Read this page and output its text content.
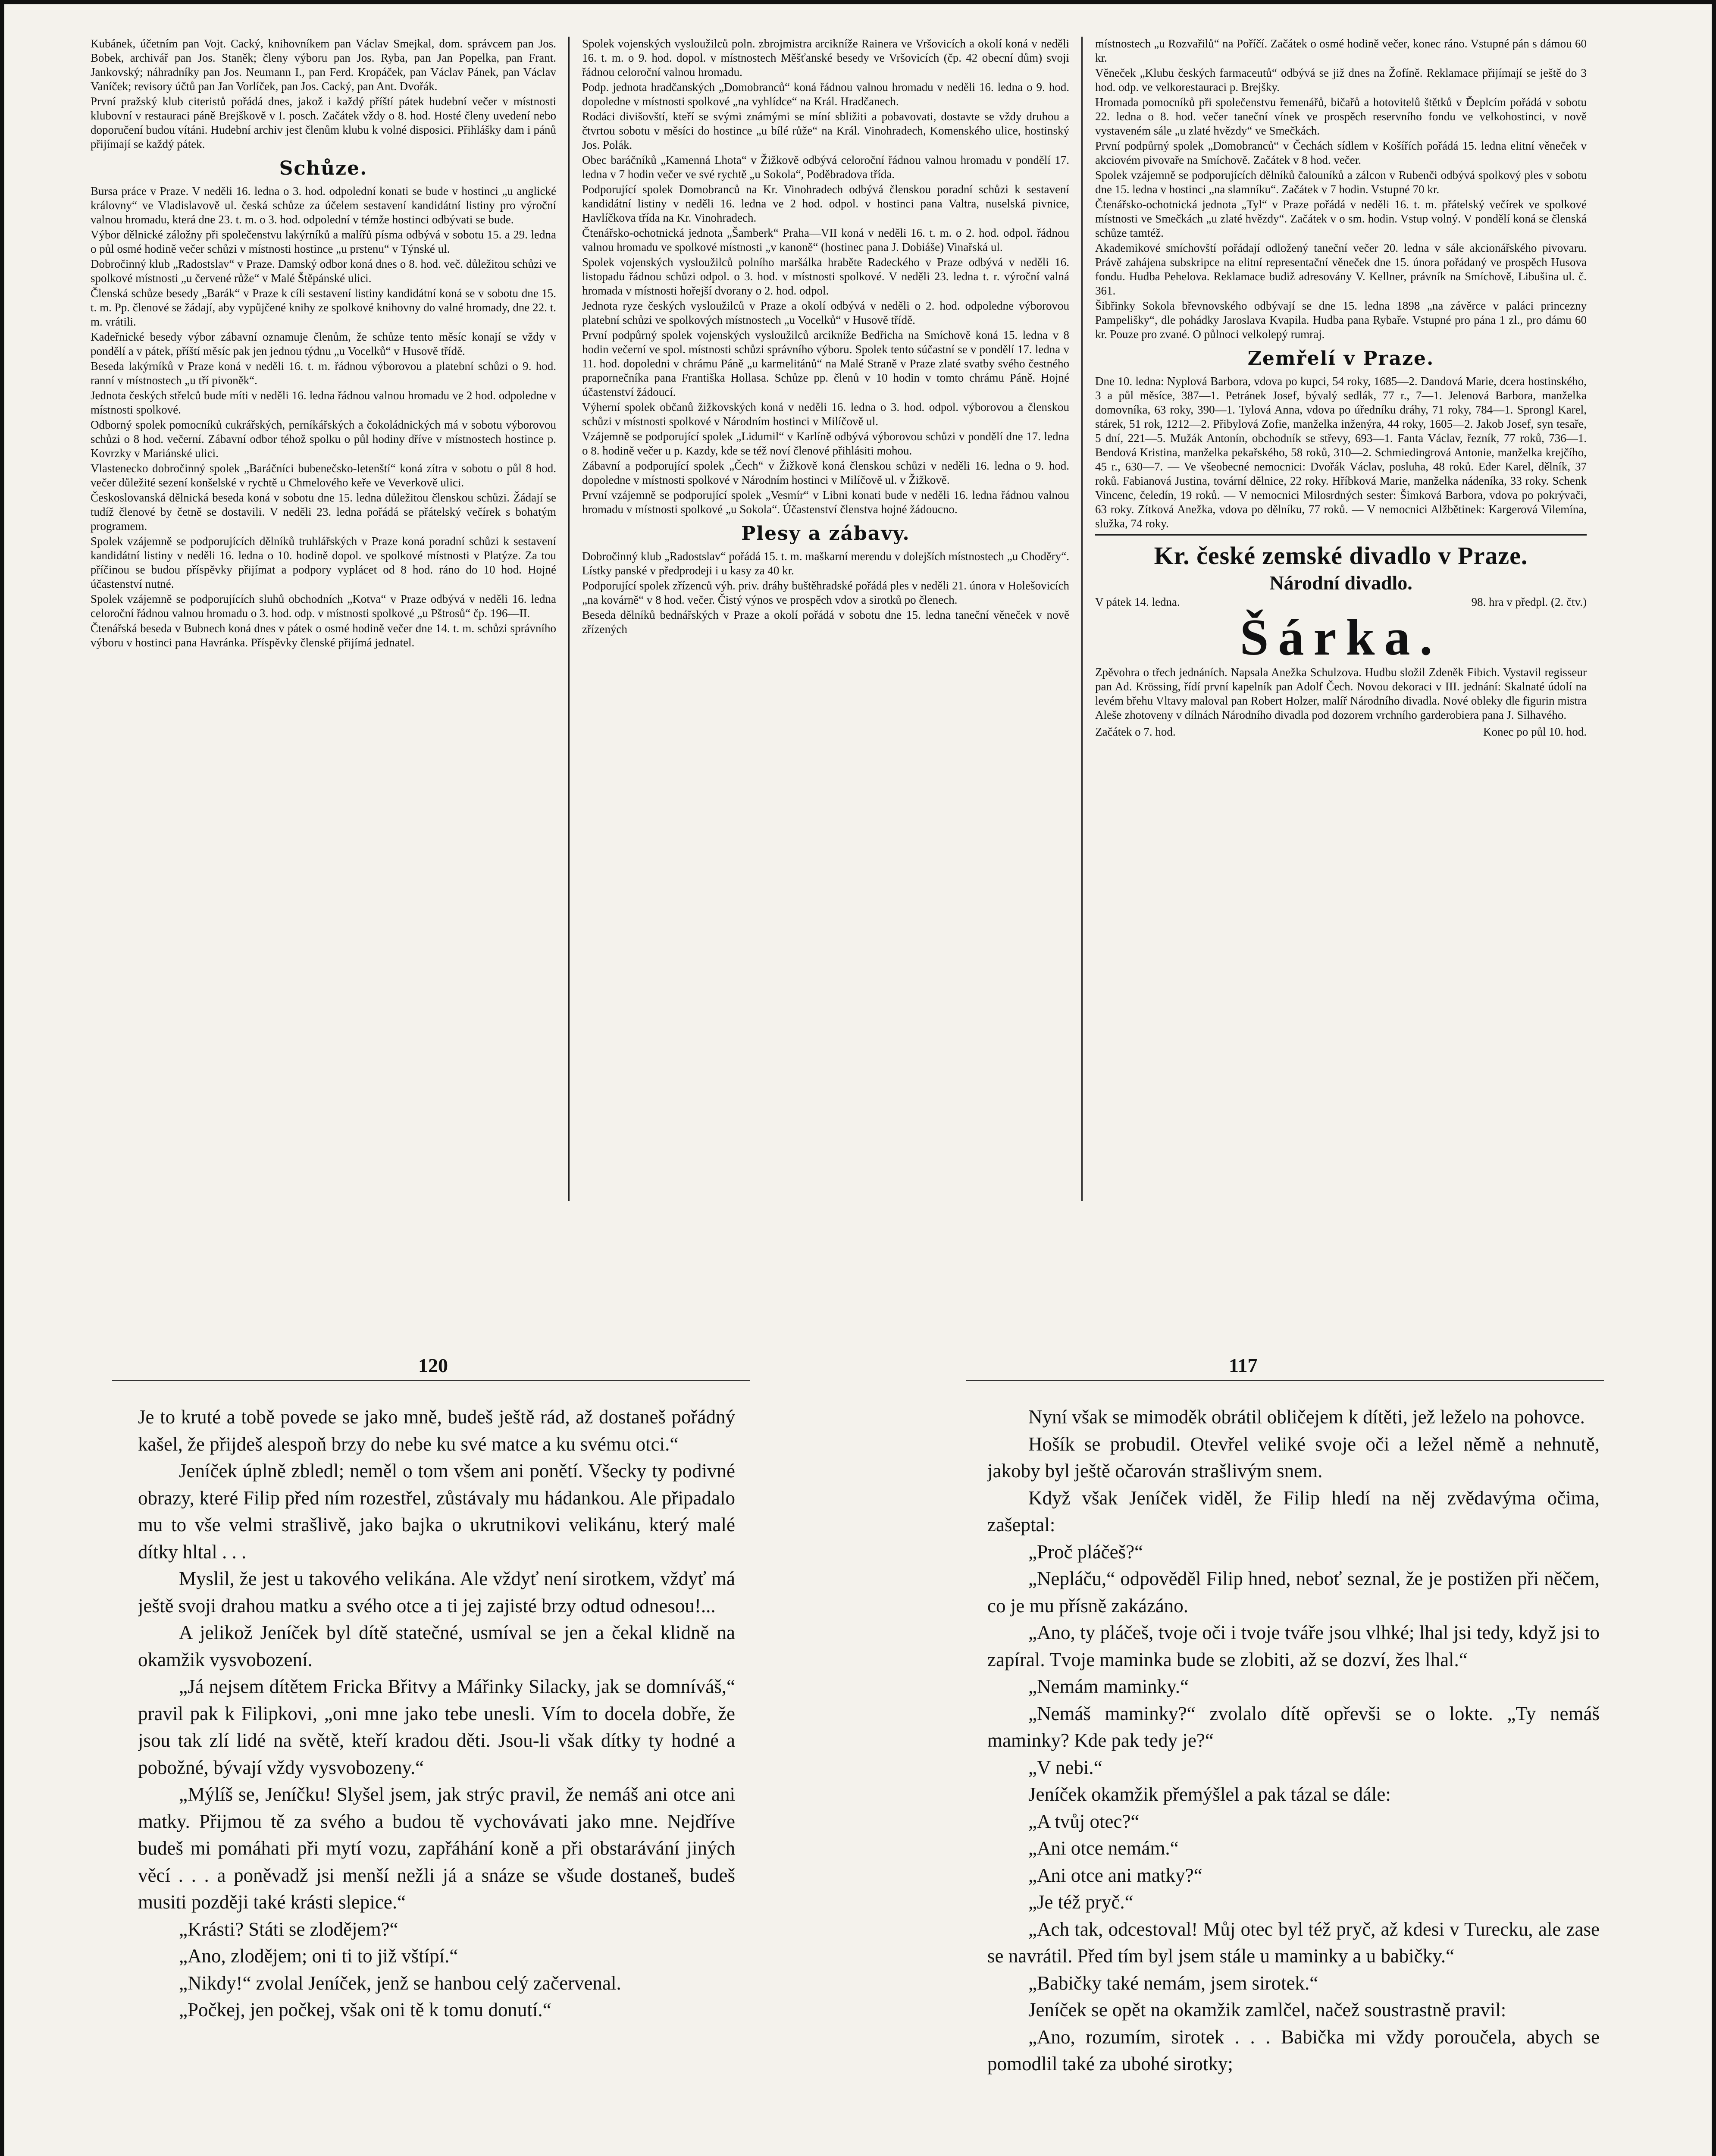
Kubánek, účetním pan Vojt. Cacký, knihovníkem pan Václav Smejkal, dom. správcem pan Jos. Bobek, archivář pan Jos. Staněk; členy výboru pan Jos. Ryba, pan Jan Popelka, pan Frant. Jankovský; náhradníky pan Jos. Neumann I., pan Ferd. Kropáček, pan Václav Pánek, pan Václav Vaníček; revisory účtů pan Jan Vorlíček, pan Jos. Cacký, pan Ant. Dvořák.

První pražský klub citeristů pořádá dnes, jakož i každý příští pátek hudební večer v místnosti klubovní v restauraci páně Brejškově v I. posch. Začátek vždy o 8. hod. Hosté členy uvedení nebo doporučení budou vítáni. Hudební archiv jest členům klubu k volné disposici. Přihlášky dam i pánů přijímají se každý pátek.

Schůze.

Bursa práce v Praze. V neděli 16. ledna o 3. hod. odpolední konati se bude v hostinci „u anglické královny“ ve Vladislavově ul. česká schůze za účelem sestavení kandidátní listiny pro výroční valnou hromadu, která dne 23. t. m. o 3. hod. odpolední v témže hostinci odbývati se bude.

Výbor dělnické záložny při společenstvu lakýrníků a malířů písma odbývá v sobotu 15. a 29. ledna o půl osmé hodině večer schůzi v místnosti hostince „u prstenu“ v Týnské ul.

Dobročinný klub „Radostslav“ v Praze. Damský odbor koná dnes o 8. hod. več. důležitou schůzi ve spolkové místnosti „u červené růže“ v Malé Štěpánské ulici.

Členská schůze besedy „Barák“ v Praze k cíli sestavení listiny kandidátní koná se v sobotu dne 15. t. m. Pp. členové se žádají, aby vypůjčené knihy ze spolkové knihovny do valné hromady, dne 22. t. m. vrátili.

Kadeřnické besedy výbor zábavní oznamuje členům, že schůze tento měsíc konají se vždy v pondělí a v pátek, příští měsíc pak jen jednou týdnu „u Vocelků“ v Husově třídě.

Beseda lakýrníků v Praze koná v neděli 16. t. m. řádnou výborovou a platební schůzi o 9. hod. ranní v místnostech „u tří pivoněk“.

Jednota českých střelců bude míti v neděli 16. ledna řádnou valnou hromadu ve 2 hod. odpoledne v místnosti spolkové.

Odborný spolek pomocníků cukrářských, perníkářských a čokoládnických má v sobotu výborovou schůzi o 8 hod. večerní. Zábavní odbor téhož spolku o půl hodiny dříve v místnostech hostince p. Kovrzky v Mariánské ulici.

Vlastenecko dobročinný spolek „Baráčníci bubenečsko-letenští“ koná zítra v sobotu o půl 8 hod. večer důležité sezení konšelské v rychtě u Chmelového keře ve Veverkově ulici.

Českoslovanská dělnická beseda koná v sobotu dne 15. ledna důležitou členskou schůzi. Žádají se tudíž členové by četně se dostavili. V neděli 23. ledna pořádá se přátelský večírek s bohatým programem.

Spolek vzájemně se podporujících dělníků truhlářských v Praze koná poradní schůzi k sestavení kandidátní listiny v neděli 16. ledna o 10. hodině dopol. ve spolkové místnosti v Platýze. Za tou příčinou se budou příspěvky přijímat a podpory vyplácet od 8 hod. ráno do 10 hod. Hojné účastenství nutné.

Spolek vzájemně se podporujících sluhů obchodních „Kotva“ v Praze odbývá v neděli 16. ledna celoroční řádnou valnou hromadu o 3. hod. odp. v místnosti spolkové „u Pštrosů“ čp. 196—II.

Čtenářská beseda v Bubnech koná dnes v pátek o osmé hodině večer dne 14. t. m. schůzi správního výboru v hostinci pana Havránka. Příspěvky členské přijímá jednatel.

Spolek vojenských vysloužilců poln. zbrojmistra arcikníže Rainera ve Vršovicích a okolí koná v neděli 16. t. m. o 9. hod. dopol. v místnostech Měšťanské besedy ve Vršovicích (čp. 42 obecní dům) svoji řádnou celoroční valnou hromadu.

Podp. jednota hradčanských „Domobranců“ koná řádnou valnou hromadu v neděli 16. ledna o 9. hod. dopoledne v místnosti spolkové „na vyhlídce“ na Král. Hradčanech.

Rodáci divišovští, kteří se svými známými se míní sbližiti a pobavovati, dostavte se vždy druhou a čtvrtou sobotu v měsíci do hostince „u bílé růže“ na Král. Vinohradech, Komenského ulice, hostinský Jos. Polák.

Obec baráčníků „Kamenná Lhota“ v Žižkově odbývá celoroční řádnou valnou hromadu v pondělí 17. ledna v 7 hodin večer ve své rychtě „u Sokola“, Poděbradova třída.

Podporující spolek Domobranců na Kr. Vinohradech odbývá členskou poradní schůzi k sestavení kandidátní listiny v neděli 16. ledna ve 2 hod. odpol. v hostinci pana Valtra, nuselská pivnice, Havlíčkova třída na Kr. Vinohradech.

Čtenářsko-ochotnická jednota „Šamberk“ Praha—VII koná v neděli 16. t. m. o 2. hod. odpol. řádnou valnou hromadu ve spolkové místnosti „v kanoně“ (hostinec pana J. Dobiáše) Vinařská ul.

Spolek vojenských vysloužilců polního maršálka hraběte Radeckého v Praze odbývá v neděli 16. listopadu řádnou schůzi odpol. o 3. hod. v místnosti spolkové. V neděli 23. ledna t. r. výroční valná hromada v místnosti hořejší dvorany o 2. hod. odpol.

Jednota ryze českých vysloužilců v Praze a okolí odbývá v neděli o 2. hod. odpoledne výborovou platební schůzi ve spolkových místnostech „u Vocelků“ v Husově třídě.

První podpůrný spolek vojenských vysloužilců arcikníže Bedřicha na Smíchově koná 15. ledna v 8 hodin večerní ve spol. místnosti schůzi správního výboru. Spolek tento súčastní se v pondělí 17. ledna v 11. hod. dopoledni v chrámu Páně „u karmelitánů“ na Malé Straně v Praze zlaté svatby svého čestného prapornečníka pana Františka Hollasa. Schůze pp. členů v 10 hodin v tomto chrámu Páně. Hojné účastenství žádoucí.

Výherní spolek občanů žižkovských koná v neděli 16. ledna o 3. hod. odpol. výborovou a členskou schůzi v místnosti spolkové v Národním hostinci v Milíčově ul.

Vzájemně se podporující spolek „Lidumil“ v Karlíně odbývá výborovou schůzi v pondělí dne 17. ledna o 8. hodině večer u p. Kazdy, kde se též noví členové přihlásiti mohou.

Zábavní a podporující spolek „Čech“ v Žižkově koná členskou schůzi v neděli 16. ledna o 9. hod. dopoledne v místnosti spolkové v Národním hostinci v Milíčově ul. v Žižkově.

První vzájemně se podporující spolek „Vesmír“ v Libni konati bude v neděli 16. ledna řádnou valnou hromadu v místnosti spolkové „u Sokola“. Účastenství členstva hojné žádoucno.

Plesy a zábavy.

Dobročinný klub „Radostslav“ pořádá 15. t. m. maškarní merendu v dolejších místnostech „u Choděry“. Lístky panské v předprodeji i u kasy za 40 kr.

Podporující spolek zřízenců výh. priv. dráhy buštěhradské pořádá ples v neděli 21. února v Holešovicích „na kovárně“ v 8 hod. večer. Čistý výnos ve prospěch vdov a sirotků po členech.

Beseda dělníků bednářských v Praze a okolí pořádá v sobotu dne 15. ledna taneční věneček v nově zřízených

místnostech „u Rozvařilů“ na Poříčí. Začátek o osmé hodině večer, konec ráno. Vstupné pán s dámou 60 kr.

Věneček „Klubu českých farmaceutů“ odbývá se již dnes na Žofíně. Reklamace přijímají se ještě do 3 hod. odp. ve velkorestauraci p. Brejšky.

Hromada pomocníků při společenstvu řemenářů, bičařů a hotovitelů štětků v Ďeplcím pořádá v sobotu 22. ledna o 8. hod. večer taneční vínek ve prospěch reservního fondu ve velkohostinci, v nově vystaveném sále „u zlaté hvězdy“ ve Smečkách.

První podpůrný spolek „Domobranců“ v Čechách sídlem v Košířích pořádá 15. ledna elitní věneček v akciovém pivovaře na Smíchově. Začátek v 8 hod. večer.

Spolek vzájemně se podporujících dělníků čalouníků a zálcon v Rubenči odbývá spolkový ples v sobotu dne 15. ledna v hostinci „na slamníku“. Začátek v 7 hodin. Vstupné 70 kr.

Čtenářsko-ochotnická jednota „Tyl“ v Praze pořádá v neděli 16. t. m. přátelský večírek ve spolkové místnosti ve Smečkách „u zlaté hvězdy“. Začátek v o sm. hodin. Vstup volný. V pondělí koná se členská schůze tamtéž.

Akademikové smíchovští pořádají odložený taneční večer 20. ledna v sále akcionářského pivovaru. Právě zahájena subskripce na elitní representační věneček dne 15. února pořádaný ve prospěch Husova fondu. Hudba Pehelova. Reklamace budiž adresovány V. Kellner, právník na Smíchově, Libušina ul. č. 361.

Šibřinky Sokola břevnovského odbývají se dne 15. ledna 1898 „na závěrce v paláci princezny Pampelišky“, dle pohádky Jaroslava Kvapila. Hudba pana Rybaře. Vstupné pro pána 1 zl., pro dámu 60 kr. Pouze pro zvané. O půlnoci velkolepý rumraj.

Zemřelí v Praze.

Dne 10. ledna: Nyplová Barbora, vdova po kupci, 54 roky, 1685—2. Dandová Marie, dcera hostinského, 3 a půl měsíce, 387—1. Petránek Josef, bývalý sedlák, 77 r., 7—1. Jelenová Barbora, manželka domovníka, 63 roky, 390—1. Tylová Anna, vdova po úředníku dráhy, 71 roky, 784—1. Sprongl Karel, stárek, 51 rok, 1212—2. Přibylová Zofie, manželka inženýra, 44 roky, 1605—2. Jakob Josef, syn tesaře, 5 dní, 221—5. Mužák Antonín, obchodník se střevy, 693—1. Fanta Václav, řezník, 77 roků, 736—1. Bendová Kristina, manželka pekařského, 58 roků, 310—2. Schmiedingrová Antonie, manželka krejčího, 45 r., 630—7. — Ve všeobecné nemocnici: Dvořák Václav, posluha, 48 roků. Eder Karel, dělník, 37 roků. Fabianová Justina, tovární dělnice, 22 roky. Hříbková Marie, manželka nádeníka, 33 roky. Schenk Vincenc, čeledín, 19 roků. — V nemocnici Milosrdných sester: Šimková Barbora, vdova po pokrývači, 63 roky. Zítková Anežka, vdova po dělníku, 77 roků. — V nemocnici Alžbětinek: Kargerová Vilemína, služka, 74 roky.

Kr. české zemské divadlo v Praze.
Národní divadlo.
V pátek 14. ledna.	98. hra v předpl. (2. čtv.)
Šárka.

Zpěvohra o třech jednáních. Napsala Anežka Schulzova. Hudbu složil Zdeněk Fibich. Vystavil regisseur pan Ad. Krössing, řídí první kapelník pan Adolf Čech. Novou dekoraci v III. jednání: Skalnaté údolí na levém břehu Vltavy maloval pan Robert Holzer, malíř Národního divadla. Nové obleky dle figurin mistra Aleše zhotoveny v dílnách Národního divadla pod dozorem vrchního garderobiera pana J. Silhavého.

Začátek o 7. hod.	Konec po půl 10. hod.
120	117

Je to kruté a tobě povede se jako mně, budeš ještě rád, až dostaneš pořádný kašel, že přijdeš alespoň brzy do nebe ku své matce a ku svému otci.“

Jeníček úplně zbledl; neměl o tom všem ani ponětí. Všecky ty podivné obrazy, které Filip před ním rozestřel, zůstávaly mu hádankou. Ale připadalo mu to vše velmi strašlivě, jako bajka o ukrutnikovi velikánu, který malé dítky hltal . . .

Myslil, že jest u takového velikána. Ale vždyť není sirotkem, vždyť má ještě svoji drahou matku a svého otce a ti jej zajisté brzy odtud odnesou!...

A jelikož Jeníček byl dítě statečné, usmíval se jen a čekal klidně na okamžik vysvobození.

„Já nejsem dítětem Fricka Břitvy a Mářinky Silacky, jak se domníváš,“ pravil pak k Filipkovi, „oni mne jako tebe unesli. Vím to docela dobře, že jsou tak zlí lidé na světě, kteří kradou děti. Jsou-li však dítky ty hodné a pobožné, bývají vždy vysvobozeny.“

„Mýlíš se, Jeníčku! Slyšel jsem, jak strýc pravil, že nemáš ani otce ani matky. Přijmou tě za svého a budou tě vychovávati jako mne. Nejdříve budeš mi pomáhati při mytí vozu, zapřáhání koně a při obstarávání jiných věcí . . . a poněvadž jsi menší nežli já a snáze se všude dostaneš, budeš musiti později také krásti slepice.“

„Krásti? Státi se zlodějem?“

„Ano, zlodějem; oni ti to již vštípí.“

„Nikdy!“ zvolal Jeníček, jenž se hanbou celý začervenal.

„Počkej, jen počkej, však oni tě k tomu donutí.“

Nyní však se mimoděk obrátil obličejem k dítěti, jež leželo na pohovce.

Hošík se probudil. Otevřel veliké svoje oči a ležel němě a nehnutě, jakoby byl ještě očarován strašlivým snem.

Když však Jeníček viděl, že Filip hledí na něj zvědavýma očima, zašeptal:

„Proč pláčeš?“

„Nepláču,“ odpověděl Filip hned, neboť seznal, že je postižen při něčem, co je mu přísně zakázáno.

„Ano, ty pláčeš, tvoje oči i tvoje tváře jsou vlhké; lhal jsi tedy, když jsi to zapíral. Tvoje maminka bude se zlobiti, až se dozví, žes lhal.“

„Nemám maminky.“

„Nemáš maminky?“ zvolalo dítě opřevši se o lokte. „Ty nemáš maminky? Kde pak tedy je?“

„V nebi.“

Jeníček okamžik přemýšlel a pak tázal se dále:

„A tvůj otec?“

„Ani otce nemám.“

„Ani otce ani matky?“

„Je též pryč.“

„Ach tak, odcestoval! Můj otec byl též pryč, až kdesi v Turecku, ale zase se navrátil. Před tím byl jsem stále u maminky a u babičky.“

„Babičky také nemám, jsem sirotek.“

Jeníček se opět na okamžik zamlčel, načež soustrastně pravil:

„Ano, rozumím, sirotek . . . Babička mi vždy poroučela, abych se pomodlil také za ubohé sirotky;
